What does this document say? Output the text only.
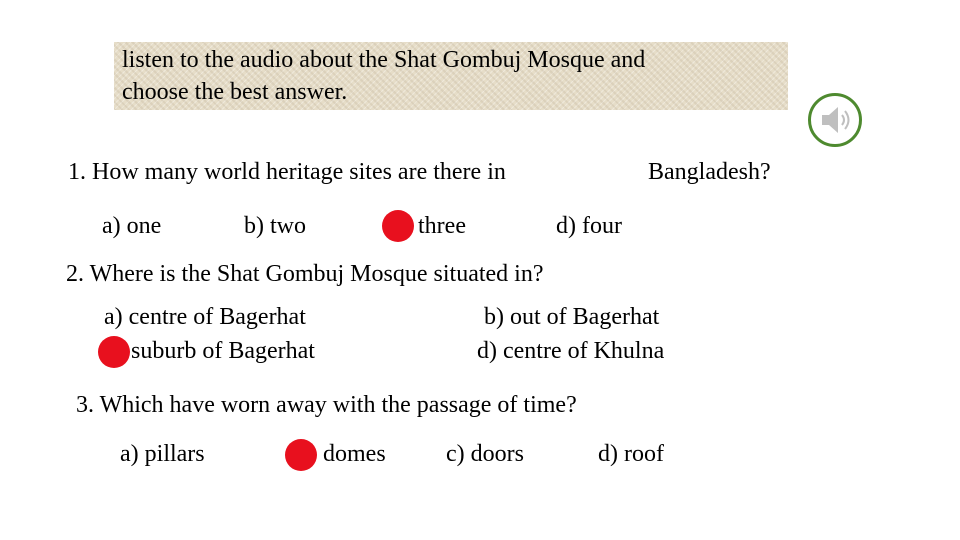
listen to the audio about the Shat Gombuj Mosque and
choose the best answer.
1. How many world heritage sites are there in	Bangladesh?
a) one	b) two	three	d) four
2. Where is the Shat Gombuj Mosque situated in?
a) centre of Bagerhat	b) out of Bagerhat
suburb of Bagerhat	d) centre of Khulna
3. Which have worn away with the passage of time?
a) pillars	domes	c) doors	d) roof
